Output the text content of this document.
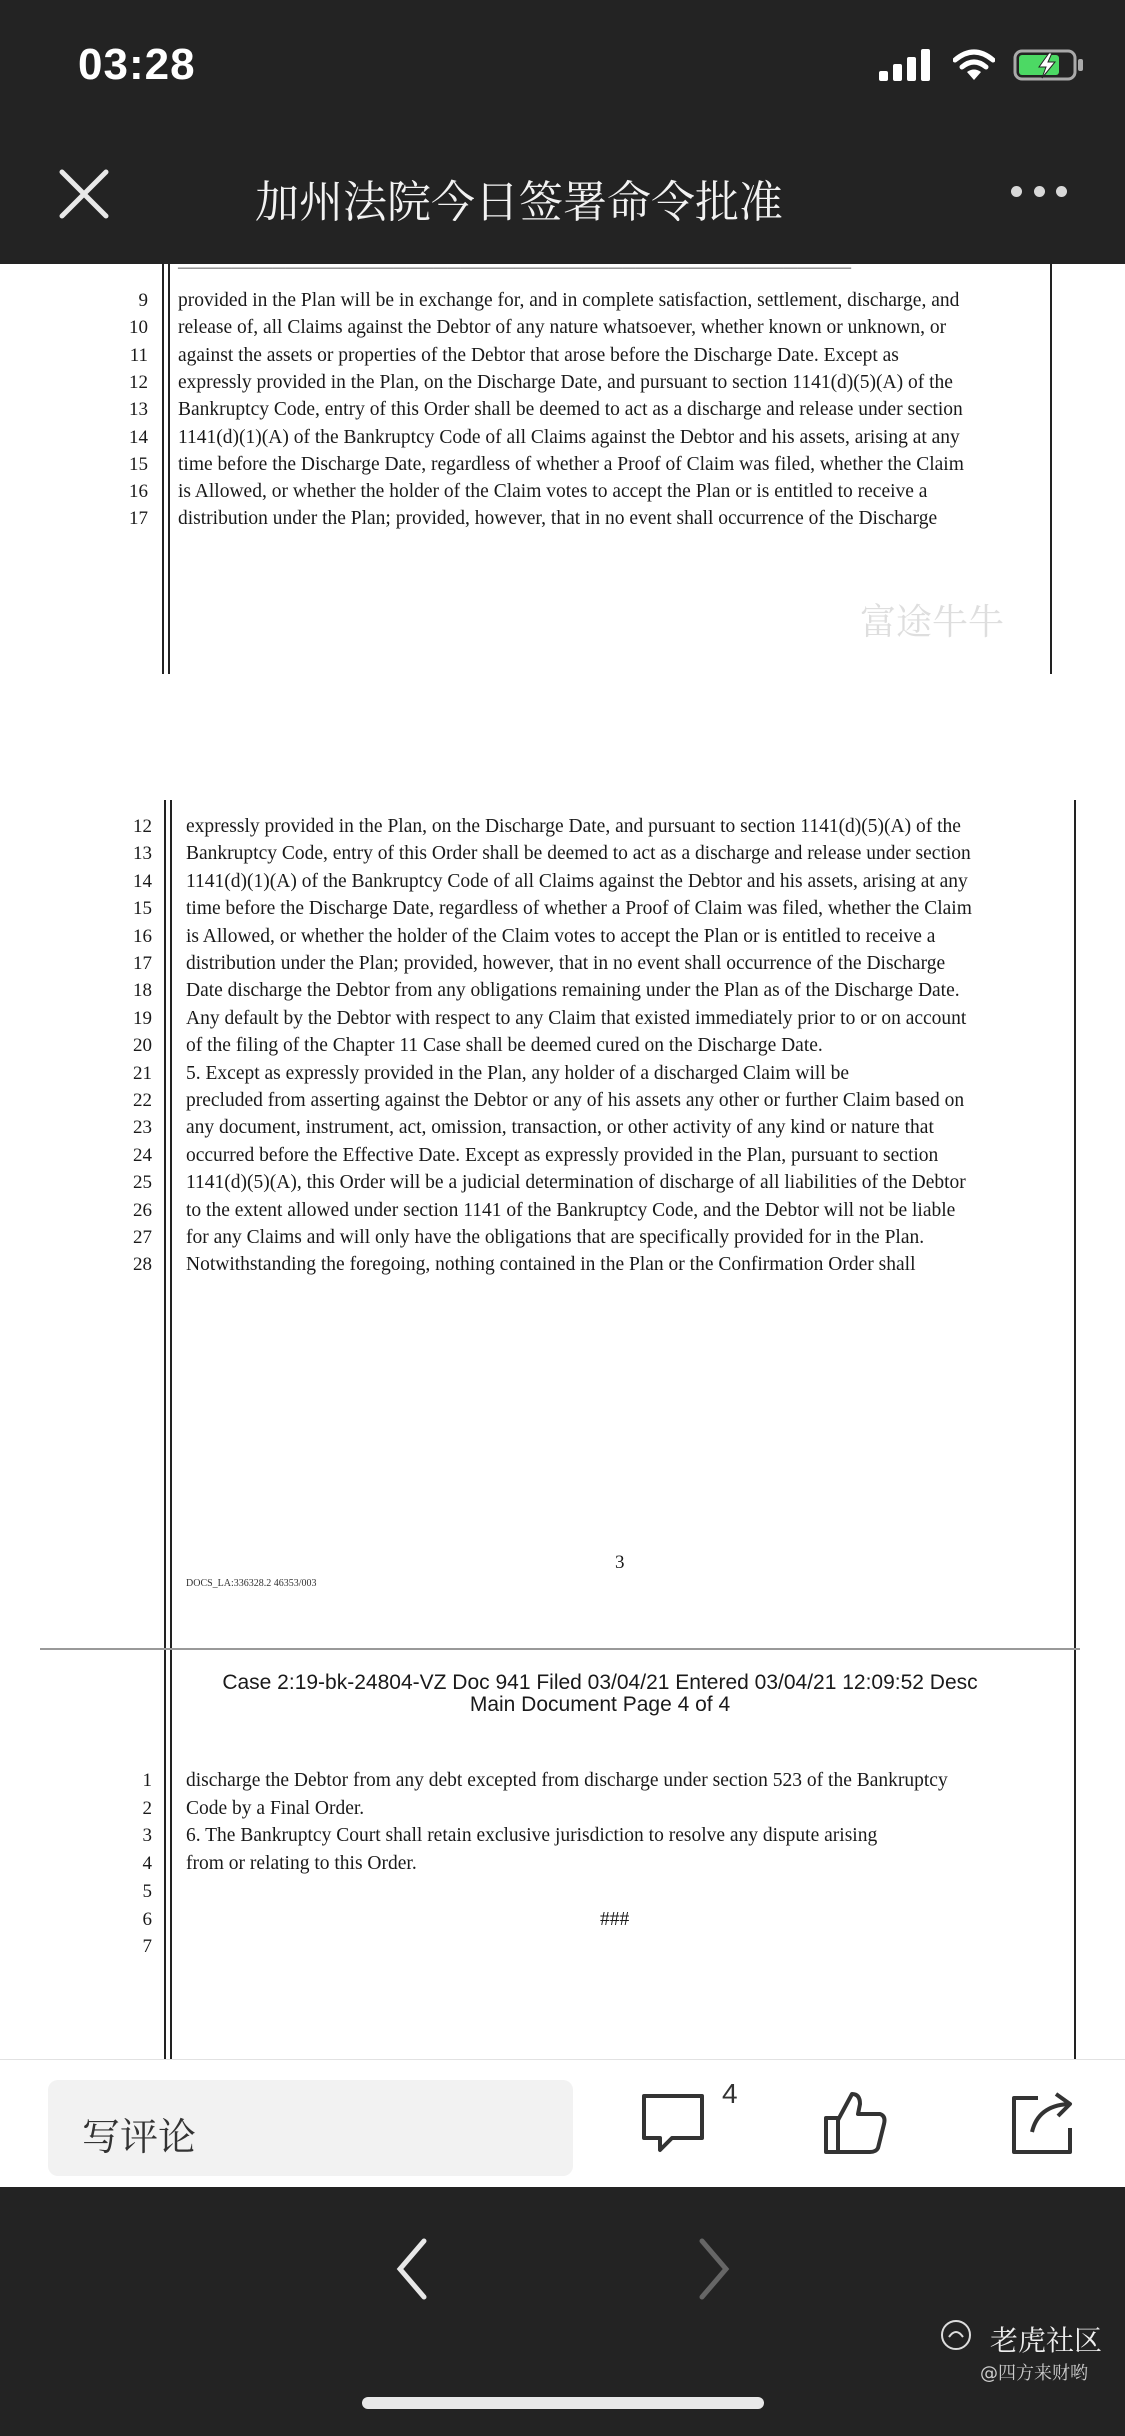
03:28
加州法院今日签署命令批准
──────────────────────────────────────────────────
9 provided in the Plan will be in exchange for, and in complete satisfaction, settlement, discharge, and
10 release of, all Claims against the Debtor of any nature whatsoever, whether known or unknown, or
11 against the assets or properties of the Debtor that arose before the Discharge Date. Except as
12 expressly provided in the Plan, on the Discharge Date, and pursuant to section 1141(d)(5)(A) of the
13 Bankruptcy Code, entry of this Order shall be deemed to act as a discharge and release under section
14 1141(d)(1)(A) of the Bankruptcy Code of all Claims against the Debtor and his assets, arising at any
15 time before the Discharge Date, regardless of whether a Proof of Claim was filed, whether the Claim
16 is Allowed, or whether the holder of the Claim votes to accept the Plan or is entitled to receive a
17 distribution under the Plan; provided, however, that in no event shall occurrence of the Discharge
富途牛牛
12 expressly provided in the Plan, on the Discharge Date, and pursuant to section 1141(d)(5)(A) of the
13 Bankruptcy Code, entry of this Order shall be deemed to act as a discharge and release under section
14 1141(d)(1)(A) of the Bankruptcy Code of all Claims against the Debtor and his assets, arising at any
15 time before the Discharge Date, regardless of whether a Proof of Claim was filed, whether the Claim
16 is Allowed, or whether the holder of the Claim votes to accept the Plan or is entitled to receive a
17 distribution under the Plan; provided, however, that in no event shall occurrence of the Discharge
18 Date discharge the Debtor from any obligations remaining under the Plan as of the Discharge Date.
19 Any default by the Debtor with respect to any Claim that existed immediately prior to or on account
20 of the filing of the Chapter 11 Case shall be deemed cured on the Discharge Date.
21 5. Except as expressly provided in the Plan, any holder of a discharged Claim will be
22 precluded from asserting against the Debtor or any of his assets any other or further Claim based on
23 any document, instrument, act, omission, transaction, or other activity of any kind or nature that
24 occurred before the Effective Date. Except as expressly provided in the Plan, pursuant to section
25 1141(d)(5)(A), this Order will be a judicial determination of discharge of all liabilities of the Debtor
26 to the extent allowed under section 1141 of the Bankruptcy Code, and the Debtor will not be liable
27 for any Claims and will only have the obligations that are specifically provided for in the Plan.
28 Notwithstanding the foregoing, nothing contained in the Plan or the Confirmation Order shall
3
DOCS_LA:336328.2 46353/003
Case 2:19-bk-24804-VZ Doc 941 Filed 03/04/21 Entered 03/04/21 12:09:52 Desc
Main Document Page 4 of 4
1 discharge the Debtor from any debt excepted from discharge under section 523 of the Bankruptcy
2 Code by a Final Order.
3 6. The Bankruptcy Court shall retain exclusive jurisdiction to resolve any dispute arising
4 from or relating to this Order.
5
6	###
7
写评论
4
老虎社区
@四方来财哟
